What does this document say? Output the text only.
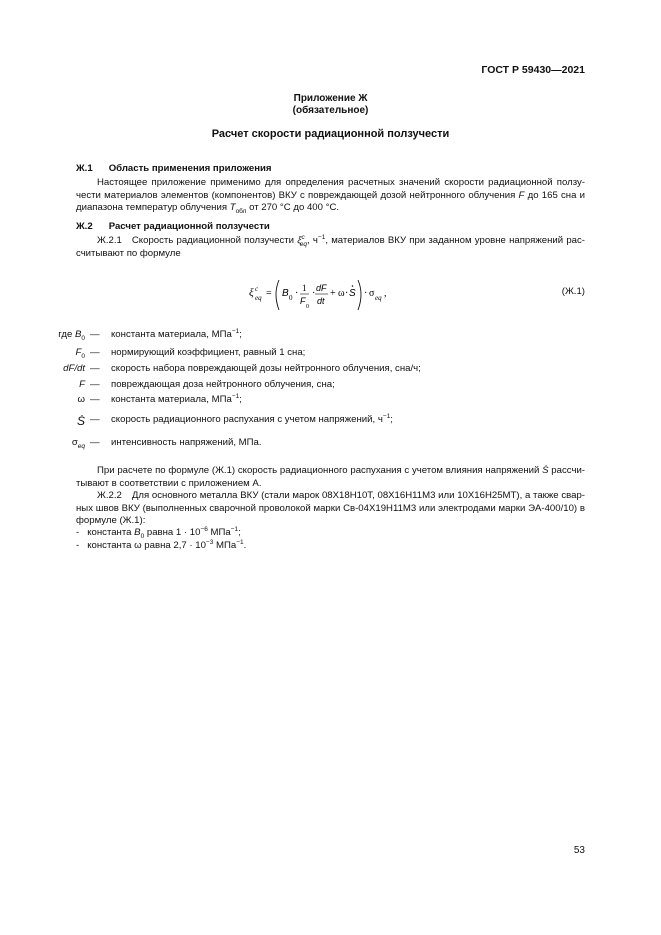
ГОСТ Р 59430—2021
Приложение Ж
(обязательное)
Расчет скорости радиационной ползучести
Ж.1 Область применения приложения
Настоящее приложение применимо для определения расчетных значений скорости радиационной ползу-чести материалов элементов (компонентов) ВКУ с повреждающей дозой нейтронного облучения F до 165 сна и диапазона температур облучения $T_{обл}$ от 270 °С до 400 °С.
Ж.2 Расчет радиационной ползучести
Ж.2.1 Скорость радиационной ползучести $\xi^c_{eq}$, $ч^{-1}$, материалов ВКУ при заданном уровне напряжений рас-считывают по формуле
ξ c
eq = B 0 · 1
F
0
· dF
dt
+ ω · S · σ eq ,	(Ж.1)
где $B_0$ — константа материала, МПа$^{-1}$;
$F_0$ — нормирующий коэффициент, равный 1 сна;
dF/dt — скорость набора повреждающей дозы нейтронного облучения, сна/ч;
F — повреждающая доза нейтронного облучения, сна;
ω — константа материала, МПа$^{-1}$;
Ṡ — скорость радиационного распухания с учетом напряжений, $ч^{-1}$;
$\sigma_{eq}$ — интенсивность напряжений, МПа.
При расчете по формуле (Ж.1) скорость радиационного распухания с учетом влияния напряжений Ṡ рассчи-тывают в соответствии с приложением А.
Ж.2.2 Для основного металла ВКУ (стали марок 08Х18Н10Т, 08Х16Н11М3 или 10Х16Н25МТ), а также свар-ных швов ВКУ (выполненных сварочной проволокой марки Св-04Х19Н11М3 или электродами марки ЭА-400/10) в формуле (Ж.1):
- константа $B_0$ равна $1 \cdot 10^{-6}$ МПа$^{-1}$;
- константа ω равна $2,7 \cdot 10^{-3}$ МПа$^{-1}$.
53
